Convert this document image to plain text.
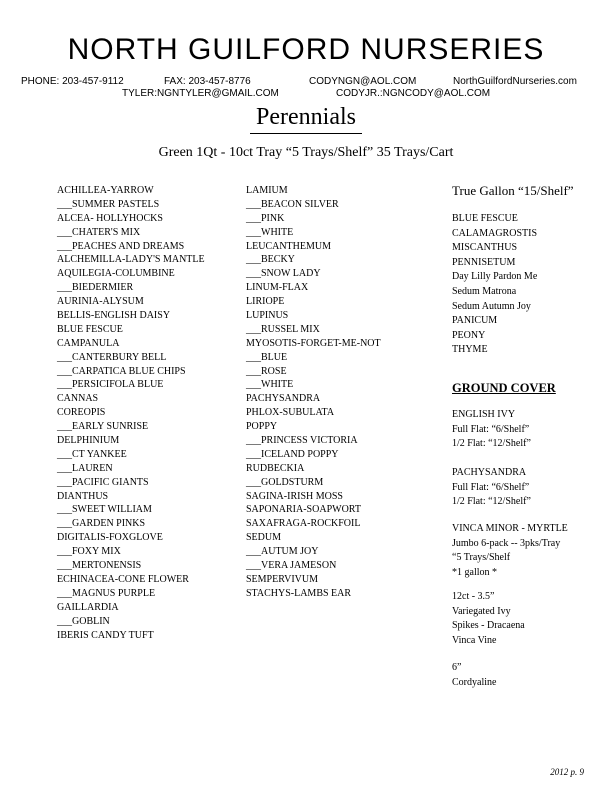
NORTH GUILFORD NURSERIES
PHONE: 203-457-9112	FAX: 203-457-8776	CODYNGN@AOL.COM	NorthGuilfordNurseries.com
TYLER:NGNTYLER@GMAIL.COM	CODYJR.:NGNCODY@AOL.COM
Perennials
Green 1Qt - 10ct Tray “5 Trays/Shelf” 35 Trays/Cart
ACHILLEA-YARROW
___SUMMER PASTELS
ALCEA- HOLLYHOCKS
___CHATER'S MIX
___PEACHES AND DREAMS
ALCHEMILLA-LADY'S MANTLE
AQUILEGIA-COLUMBINE
___BIEDERMIER
AURINIA-ALYSUM
BELLIS-ENGLISH DAISY
BLUE FESCUE
CAMPANULA
___CANTERBURY BELL
___CARPATICA BLUE CHIPS
___PERSICIFOLA BLUE
CANNAS
COREOPIS
___EARLY SUNRISE
DELPHINIUM
___CT YANKEE
___LAUREN
___PACIFIC GIANTS
DIANTHUS
___SWEET WILLIAM
___GARDEN PINKS
DIGITALIS-FOXGLOVE
___FOXY MIX
___MERTONENSIS
ECHINACEA-CONE FLOWER
___MAGNUS PURPLE
GAILLARDIA
___GOBLIN
IBERIS CANDY TUFT
LAMIUM
___BEACON SILVER
___PINK
___WHITE
LEUCANTHEMUM
___BECKY
___SNOW LADY
LINUM-FLAX
LIRIOPE
LUPINUS
___RUSSEL MIX
MYOSOTIS-FORGET-ME-NOT
___BLUE
___ROSE
___WHITE
PACHYSANDRA
PHLOX-SUBULATA
POPPY
___PRINCESS VICTORIA
___ICELAND POPPY
RUDBECKIA
___GOLDSTURM
SAGINA-IRISH MOSS
SAPONARIA-SOAPWORT
SAXAFRAGA-ROCKFOIL
SEDUM
___AUTUM JOY
___VERA JAMESON
SEMPERVIVUM
STACHYS-LAMBS EAR
True Gallon “15/Shelf”
BLUE FESCUE
CALAMAGROSTIS
MISCANTHUS
PENNISETUM
Day Lilly Pardon Me
Sedum Matrona
Sedum Autumn Joy
PANICUM
PEONY
THYME
GROUND COVER
ENGLISH IVY
Full Flat: “6/Shelf”
1/2 Flat: “12/Shelf”
PACHYSANDRA
Full Flat: “6/Shelf”
1/2 Flat: “12/Shelf”
VINCA MINOR - MYRTLE
Jumbo 6-pack -- 3pks/Tray
“5 Trays/Shelf
*1 gallon *
12ct - 3.5”
Variegated Ivy
Spikes - Dracaena
Vinca Vine
6”
Cordyaline
2012 p. 9
